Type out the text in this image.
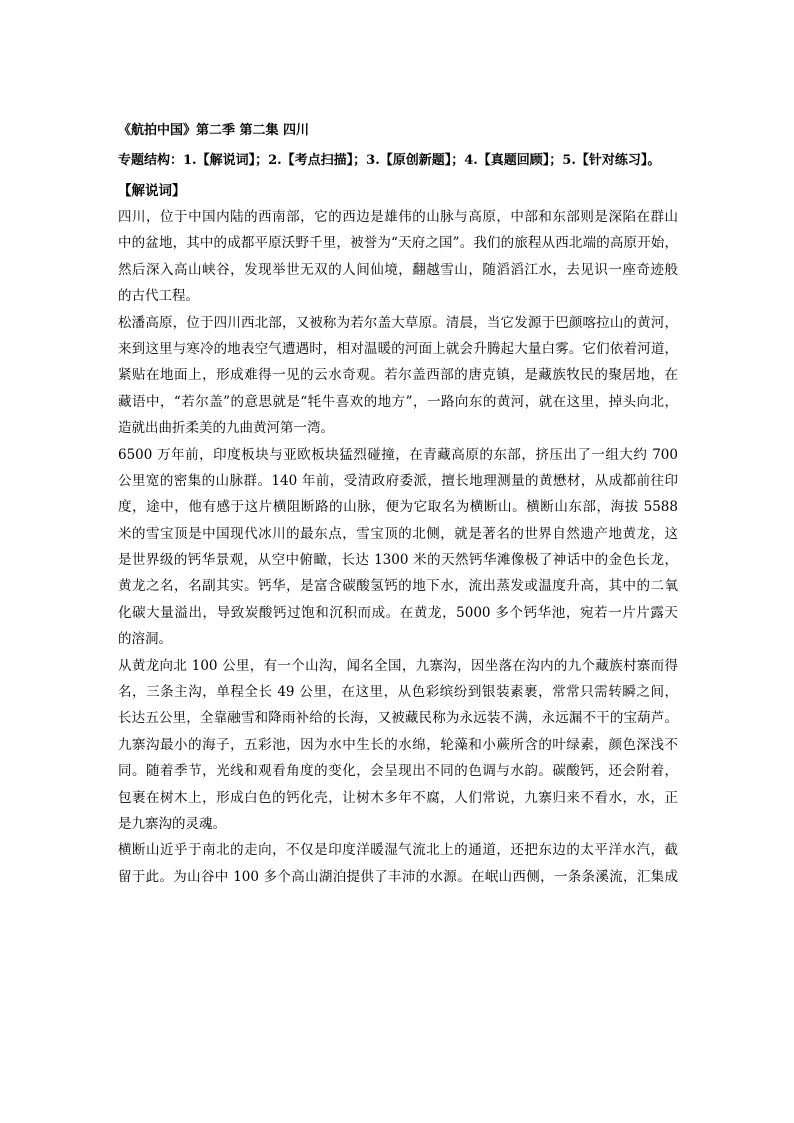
《航拍中国》第二季 第二集 四川
专题结构：1.【解说词】；2.【考点扫描】；3.【原创新题】；4.【真题回顾】；5.【针对练习】。
【解说词】
四川，位于中国内陆的西南部，它的西边是雄伟的山脉与高原，中部和东部则是深陷在群山
中的盆地，其中的成都平原沃野千里，被誉为“天府之国”。我们的旅程从西北端的高原开始，
然后深入高山峡谷，发现举世无双的人间仙境，翻越雪山，随滔滔江水，去见识一座奇迹般
的古代工程。
松潘高原，位于四川西北部，又被称为若尔盖大草原。清晨，当它发源于巴颜喀拉山的黄河，
来到这里与寒冷的地表空气遭遇时，相对温暖的河面上就会升腾起大量白雾。它们依着河道，
紧贴在地面上，形成难得一见的云水奇观。若尔盖西部的唐克镇，是藏族牧民的聚居地，在
藏语中，“若尔盖”的意思就是“牦牛喜欢的地方”，一路向东的黄河，就在这里，掉头向北，
造就出曲折柔美的九曲黄河第一湾。
6500 万年前，印度板块与亚欧板块猛烈碰撞，在青藏高原的东部，挤压出了一组大约 700
公里宽的密集的山脉群。140 年前，受清政府委派，擅长地理测量的黄懋材，从成都前往印
度，途中，他有感于这片横阻断路的山脉，便为它取名为横断山。横断山东部，海拔 5588
米的雪宝顶是中国现代冰川的最东点，雪宝顶的北侧，就是著名的世界自然遗产地黄龙，这
是世界级的钙华景观，从空中俯瞰，长达 1300 米的天然钙华滩像极了神话中的金色长龙，
黄龙之名，名副其实。钙华，是富含碳酸氢钙的地下水，流出蒸发或温度升高，其中的二氧
化碳大量溢出，导致炭酸钙过饱和沉积而成。在黄龙，5000 多个钙华池，宛若一片片露天
的溶洞。
从黄龙向北 100 公里，有一个山沟，闻名全国，九寨沟，因坐落在沟内的九个藏族村寨而得
名，三条主沟，单程全长 49 公里，在这里，从色彩缤纷到银装素裹，常常只需转瞬之间，
长达五公里，全靠融雪和降雨补给的长海，又被藏民称为永远装不满，永远漏不干的宝葫芦。
九寨沟最小的海子，五彩池，因为水中生长的水绵，轮藻和小蕨所含的叶绿素，颜色深浅不
同。随着季节，光线和观看角度的变化，会呈现出不同的色调与水韵。碳酸钙，还会附着，
包裹在树木上，形成白色的钙化壳，让树木多年不腐，人们常说，九寨归来不看水，水，正
是九寨沟的灵魂。
横断山近乎于南北的走向，不仅是印度洋暖湿气流北上的通道，还把东边的太平洋水汽，截
留于此。为山谷中 100 多个高山湖泊提供了丰沛的水源。在岷山西侧，一条条溪流，汇集成
